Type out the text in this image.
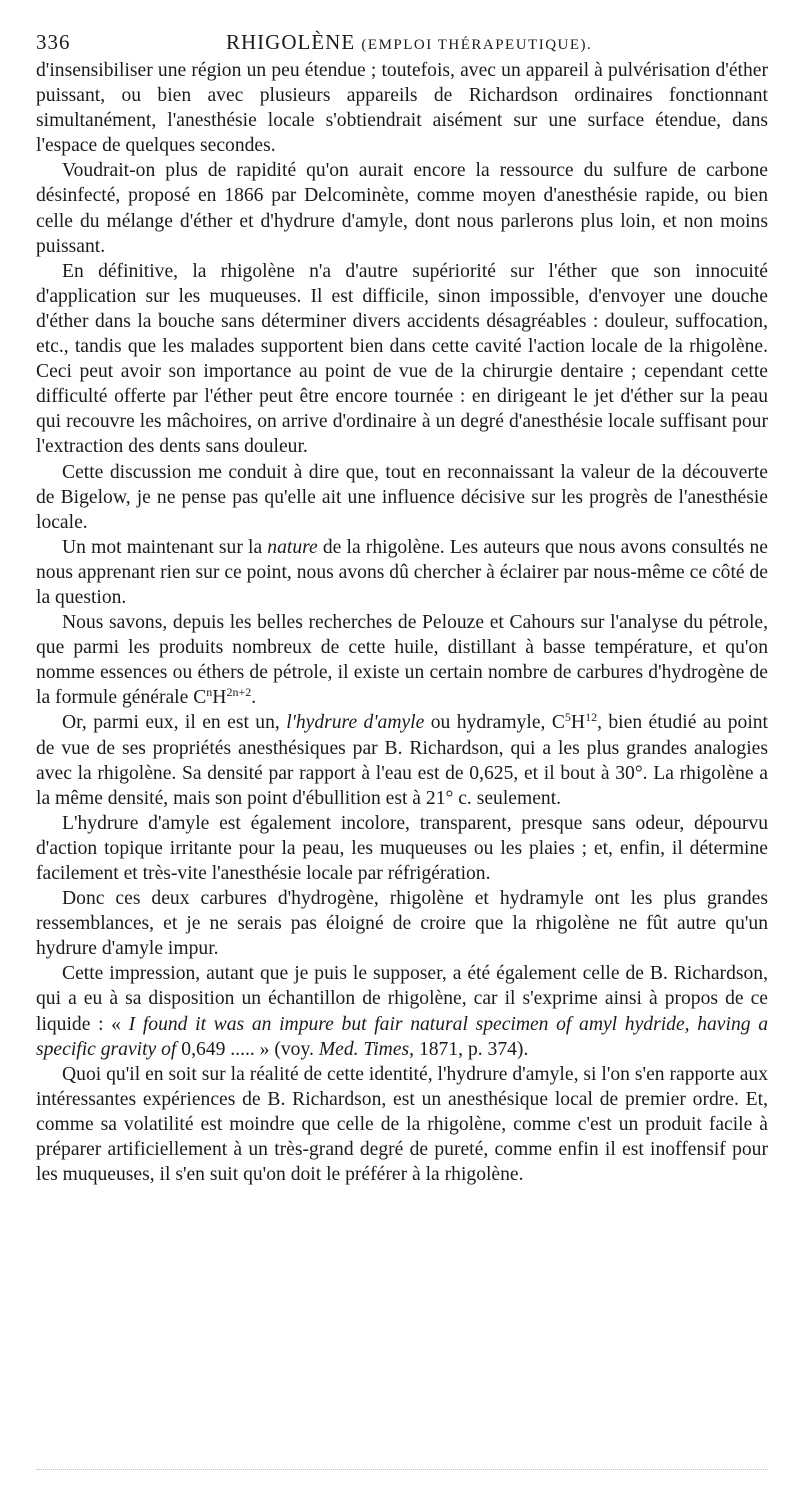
336	RHIGOLÈNE (EMPLOI THÉRAPEUTIQUE).

d'insensibiliser une région un peu étendue ; toutefois, avec un appareil à pulvérisation d'éther puissant, ou bien avec plusieurs appareils de Richardson ordinaires fonctionnant simultanément, l'anesthésie locale s'obtiendrait aisément sur une surface étendue, dans l'espace de quelques secondes.

Voudrait-on plus de rapidité qu'on aurait encore la ressource du sulfure de carbone désinfecté, proposé en 1866 par Delcominète, comme moyen d'anesthésie rapide, ou bien celle du mélange d'éther et d'hydrure d'amyle, dont nous parlerons plus loin, et non moins puissant.

En définitive, la rhigolène n'a d'autre supériorité sur l'éther que son innocuité d'application sur les muqueuses. Il est difficile, sinon impossible, d'envoyer une douche d'éther dans la bouche sans déterminer divers accidents désagréables : douleur, suffocation, etc., tandis que les malades supportent bien dans cette cavité l'action locale de la rhigolène. Ceci peut avoir son importance au point de vue de la chirurgie dentaire ; cependant cette difficulté offerte par l'éther peut être encore tournée : en dirigeant le jet d'éther sur la peau qui recouvre les mâchoires, on arrive d'ordinaire à un degré d'anesthésie locale suffisant pour l'extraction des dents sans douleur.

Cette discussion me conduit à dire que, tout en reconnaissant la valeur de la découverte de Bigelow, je ne pense pas qu'elle ait une influence décisive sur les progrès de l'anesthésie locale.

Un mot maintenant sur la nature de la rhigolène. Les auteurs que nous avons consultés ne nous apprenant rien sur ce point, nous avons dû chercher à éclairer par nous-même ce côté de la question.

Nous savons, depuis les belles recherches de Pelouze et Cahours sur l'analyse du pétrole, que parmi les produits nombreux de cette huile, distillant à basse température, et qu'on nomme essences ou éthers de pétrole, il existe un certain nombre de carbures d'hydrogène de la formule générale $C^nH^{2n+2}$.

Or, parmi eux, il en est un, l'hydrure d'amyle ou hydramyle, $C^5H^{12}$, bien étudié au point de vue de ses propriétés anesthésiques par B. Richardson, qui a les plus grandes analogies avec la rhigolène. Sa densité par rapport à l'eau est de 0,625, et il bout à 30°. La rhigolène a la même densité, mais son point d'ébullition est à 21° c. seulement.

L'hydrure d'amyle est également incolore, transparent, presque sans odeur, dépourvu d'action topique irritante pour la peau, les muqueuses ou les plaies ; et, enfin, il détermine facilement et très-vite l'anesthésie locale par réfrigération.

Donc ces deux carbures d'hydrogène, rhigolène et hydramyle ont les plus grandes ressemblances, et je ne serais pas éloigné de croire que la rhigolène ne fût autre qu'un hydrure d'amyle impur.

Cette impression, autant que je puis le supposer, a été également celle de B. Richardson, qui a eu à sa disposition un échantillon de rhigolène, car il s'exprime ainsi à propos de ce liquide : « I found it was an impure but fair natural specimen of amyl hydride, having a specific gravity of 0,649 ..... » (voy. Med. Times, 1871, p. 374).

Quoi qu'il en soit sur la réalité de cette identité, l'hydrure d'amyle, si l'on s'en rapporte aux intéressantes expériences de B. Richardson, est un anesthésique local de premier ordre. Et, comme sa volatilité est moindre que celle de la rhigolène, comme c'est un produit facile à préparer artificiellement à un très-grand degré de pureté, comme enfin il est inoffensif pour les muqueuses, il s'en suit qu'on doit le préférer à la rhigolène.
